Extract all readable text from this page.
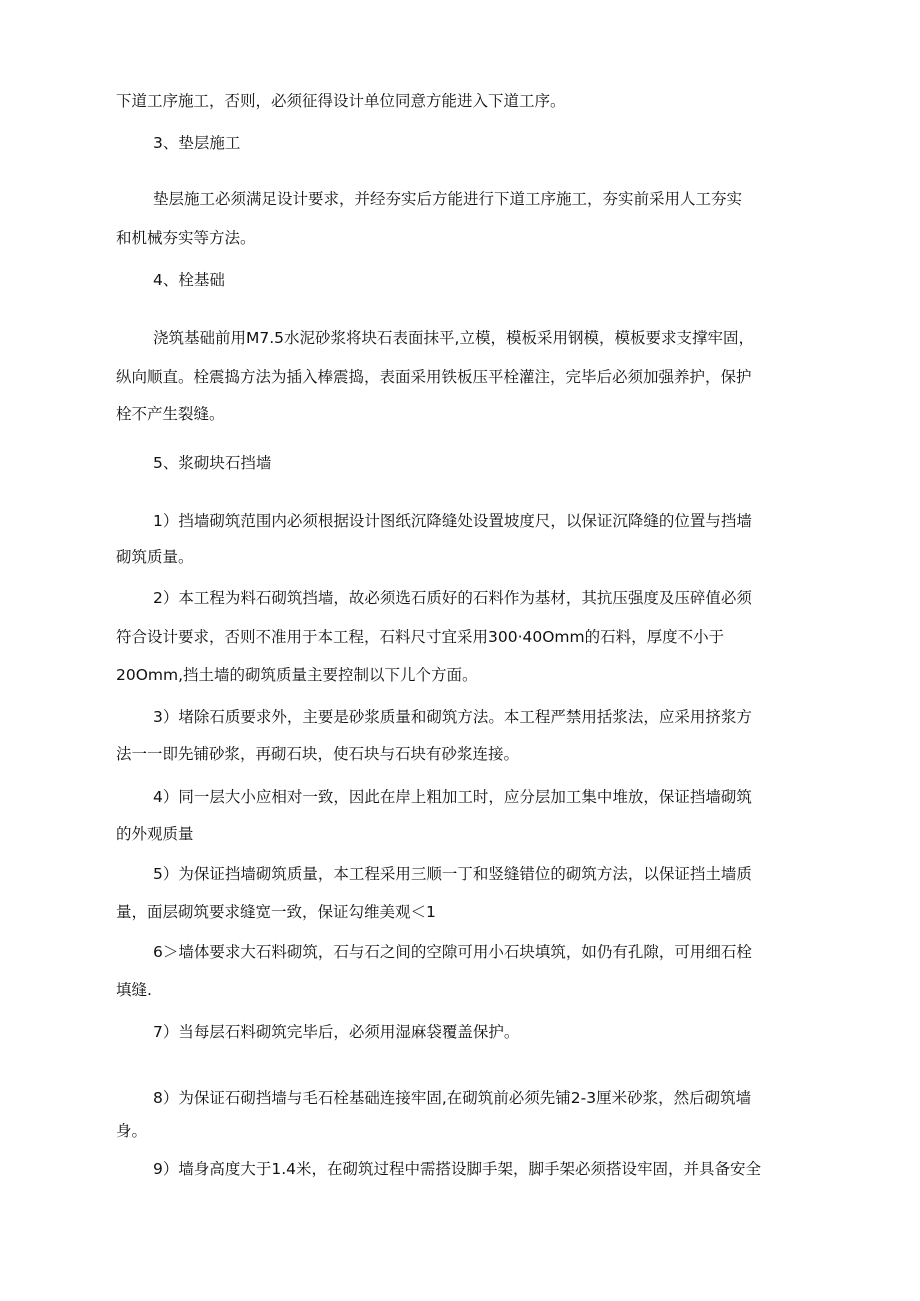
下道工序施工，否则，必须征得设计单位同意方能进入下道工序。
3、垫层施工
垫层施工必须满足设计要求，并经夯实后方能进行下道工序施工，夯实前采用人工夯实
和机械夯实等方法。
4、栓基础
浇筑基础前用M7.5水泥砂浆将块石表面抹平,立模，模板采用钢模，模板要求支撑牢固，
纵向顺直。栓震捣方法为插入棒震捣，表面采用铁板压平栓灌注，完毕后必须加强养护，保护
栓不产生裂缝。
5、浆砌块石挡墙
1）挡墙砌筑范围内必须根据设计图纸沉降缝处设置坡度尺，以保证沉降缝的位置与挡墙
砌筑质量。
2）本工程为料石砌筑挡墙，故必须选石质好的石料作为基材，其抗压强度及压碎值必须
符合设计要求，否则不准用于本工程，石料尺寸宜采用300·40Omm的石料，厚度不小于
20Omm,挡土墙的砌筑质量主要控制以下儿个方面。
3）堵除石质要求外，主要是砂浆质量和砌筑方法。本工程严禁用括浆法，应采用挤浆方
法一一即先铺砂浆，再砌石块，使石块与石块有砂浆连接。
4）同一层大小应相对一致，因此在岸上粗加工时，应分层加工集中堆放，保证挡墙砌筑
的外观质量
5）为保证挡墙砌筑质量，本工程采用三顺一丁和竖缝错位的砌筑方法，以保证挡土墙质
量，面层砌筑要求缝宽一致，保证勾维美观＜1
6＞墙体要求大石料砌筑，石与石之间的空隙可用小石块填筑，如仍有孔隙，可用细石栓
填缝.
7）当每层石料砌筑完毕后，必须用湿麻袋覆盖保护。
8）为保证石砌挡墙与毛石栓基础连接牢固,在砌筑前必须先铺2-3厘米砂浆，然后砌筑墙
身。
9）墙身高度大于1.4米，在砌筑过程中需搭设脚手架，脚手架必须搭设牢固，并具备安全
